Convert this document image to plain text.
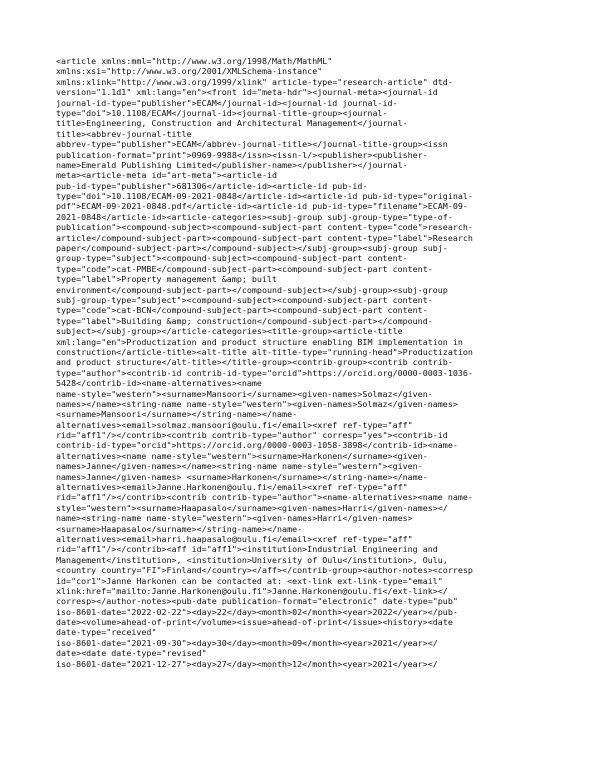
<article xmlns:mml="http://www.w3.org/1998/Math/MathML"
xmlns:xsi="http://www.w3.org/2001/XMLSchema-instance"
xmlns:xlink="http://www.w3.org/1999/xlink" article-type="research-article" dtd-
version="1.1d1" xml:lang="en"><front id="meta-hdr"><journal-meta><journal-id
journal-id-type="publisher">ECAM</journal-id><journal-id journal-id-
type="doi">10.1108/ECAM</journal-id><journal-title-group><journal-
title>Engineering, Construction and Architectural Management</journal-
title><abbrev-journal-title
abbrev-type="publisher">ECAM</abbrev-journal-title></journal-title-group><issn
publication-format="print">0969-9988</issn><issn-l/><publisher><publisher-
name>Emerald Publishing Limited</publisher-name></publisher></journal-
meta><article-meta id="art-meta"><article-id
pub-id-type="publisher">681306</article-id><article-id pub-id-
type="doi">10.1108/ECAM-09-2021-0848</article-id><article-id pub-id-type="original-
pdf">ECAM-09-2021-0848.pdf</article-id><article-id pub-id-type="filename">ECAM-09-
2021-0848</article-id><article-categories><subj-group subj-group-type="type-of-
publication"><compound-subject><compound-subject-part content-type="code">research-
article</compound-subject-part><compound-subject-part content-type="label">Research
paper</compound-subject-part></compound-subject></subj-group><subj-group subj-
group-type="subject"><compound-subject><compound-subject-part content-
type="code">cat-PMBE</compound-subject-part><compound-subject-part content-
type="label">Property management &amp; built
environment</compound-subject-part></compound-subject></subj-group><subj-group
subj-group-type="subject"><compound-subject><compound-subject-part content-
type="code">cat-BCN</compound-subject-part><compound-subject-part content-
type="label">Building &amp; construction</compound-subject-part></compound-
subject></subj-group></article-categories><title-group><article-title
xml:lang="en">Productization and product structure enabling BIM implementation in
construction</article-title><alt-title alt-title-type="running-head">Productization
and product structure</alt-title></title-group><contrib-group><contrib contrib-
type="author"><contrib-id contrib-id-type="orcid">https://orcid.org/0000-0003-1036-
5428</contrib-id><name-alternatives><name
name-style="western"><surname>Mansoori</surname><given-names>Solmaz</given-
names></name><string-name name-style="western"><given-names>Solmaz</given-names>
<surname>Mansoori</surname></string-name></name-
alternatives><email>solmaz.mansoori@oulu.fi</email><xref ref-type="aff"
rid="aff1"/></contrib><contrib contrib-type="author" corresp="yes"><contrib-id
contrib-id-type="orcid">https://orcid.org/0000-0003-1058-3898</contrib-id><name-
alternatives><name name-style="western"><surname>Harkonen</surname><given-
names>Janne</given-names></name><string-name name-style="western"><given-
names>Janne</given-names> <surname>Harkonen</surname></string-name></name-
alternatives><email>Janne.Harkonen@oulu.fi</email><xref ref-type="aff"
rid="aff1"/></contrib><contrib contrib-type="author"><name-alternatives><name name-
style="western"><surname>Haapasalo</surname><given-names>Harri</given-names></
name><string-name name-style="western"><given-names>Harri</given-names>
<surname>Haapasalo</surname></string-name></name-
alternatives><email>harri.haapasalo@oulu.fi</email><xref ref-type="aff"
rid="aff1"/></contrib><aff id="aff1"><institution>Industrial Engineering and
Management</institution>, <institution>University of Oulu</institution>, Oulu,
<country country="FI">Finland</country></aff></contrib-group><author-notes><corresp
id="cor1">Janne Harkonen can be contacted at: <ext-link ext-link-type="email"
xlink:href="mailto:Janne.Harkonen@oulu.fi">Janne.Harkonen@oulu.fi</ext-link></
corresp></author-notes><pub-date publication-format="electronic" date-type="pub"
iso-8601-date="2022-02-22"><day>22</day><month>02</month><year>2022</year></pub-
date><volume>ahead-of-print</volume><issue>ahead-of-print</issue><history><date
date-type="received"
iso-8601-date="2021-09-30"><day>30</day><month>09</month><year>2021</year></
date><date date-type="revised"
iso-8601-date="2021-12-27"><day>27</day><month>12</month><year>2021</year></
